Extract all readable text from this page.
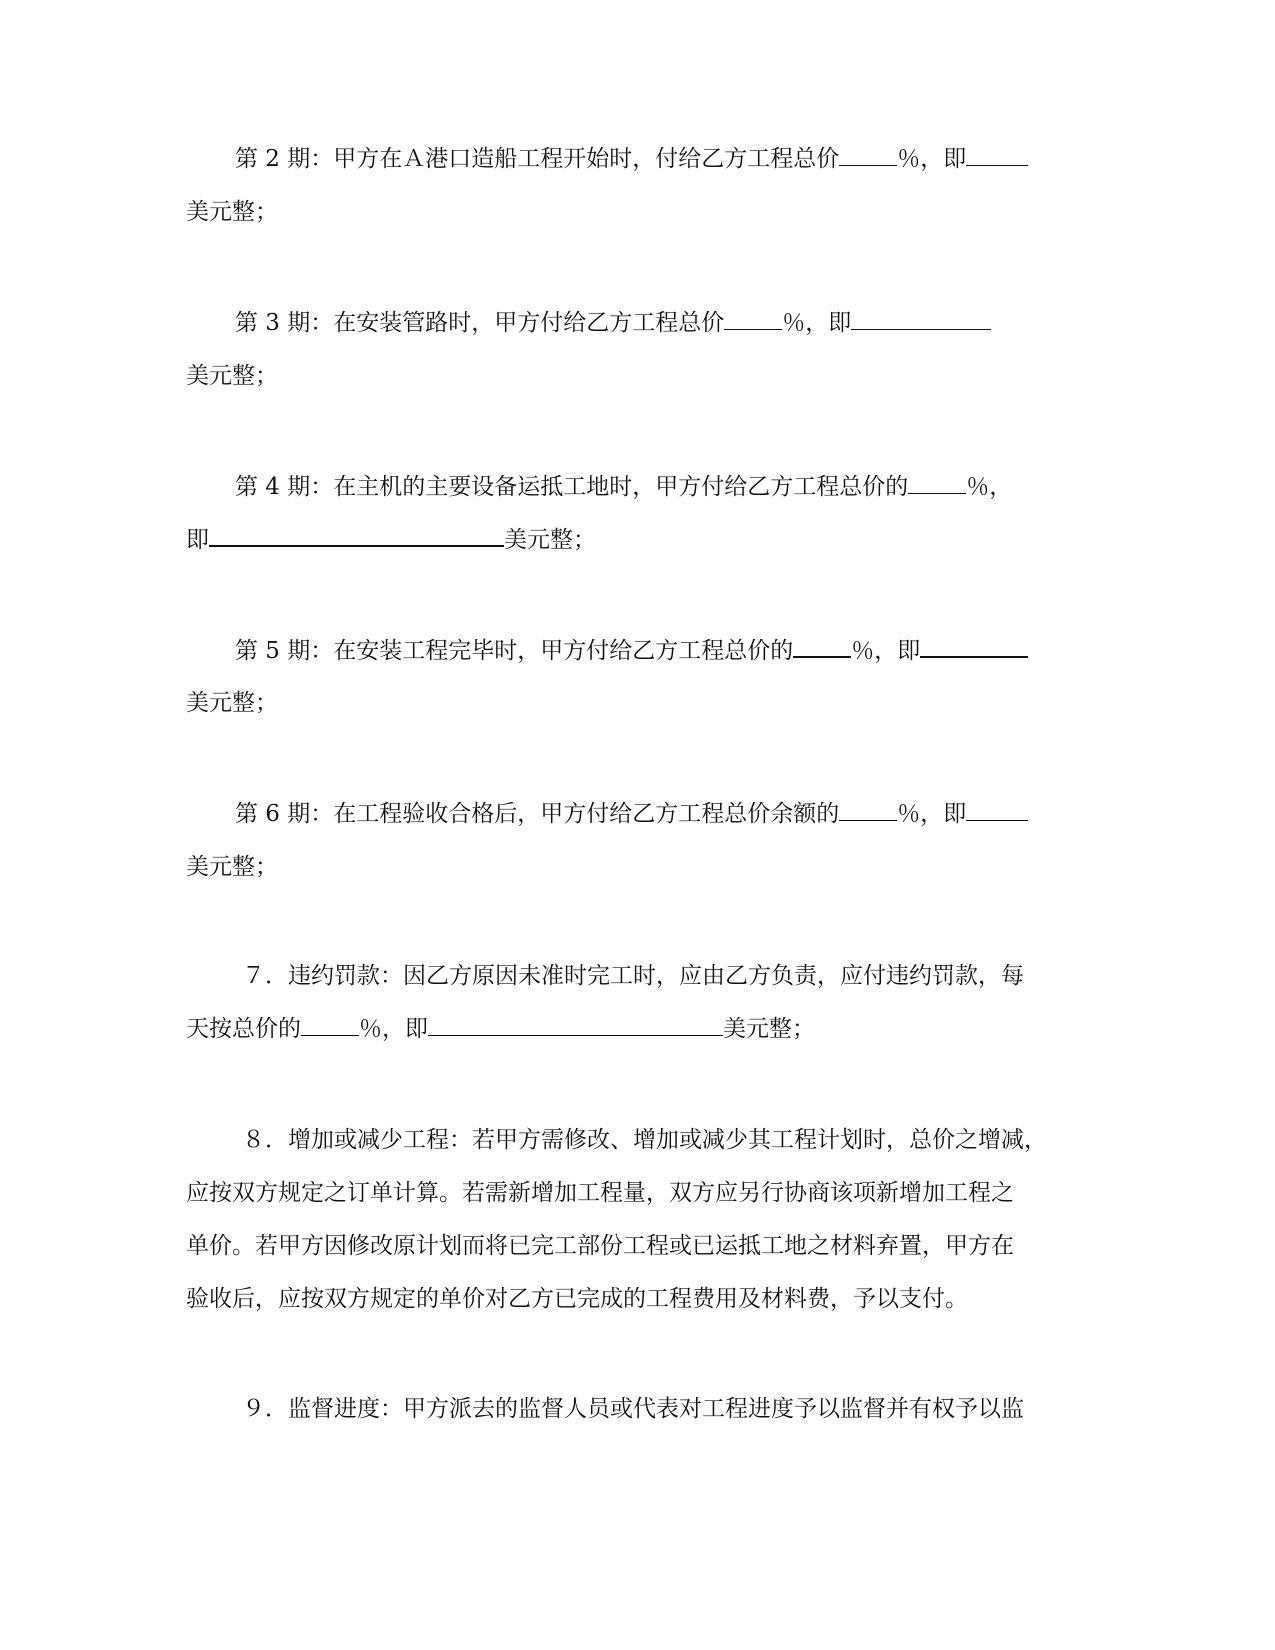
第 2 期：甲方在Ａ港口造船工程开始时，付给乙方工程总价	％，即
美元整；
第 3 期：在安装管路时，甲方付给乙方工程总价	％，即
美元整；
第 4 期：在主机的主要设备运抵工地时，甲方付给乙方工程总价的	％，
即	美元整；
第 5 期：在安装工程完毕时，甲方付给乙方工程总价的	％，即
美元整；
第 6 期：在工程验收合格后，甲方付给乙方工程总价余额的	％，即
美元整；
７．违约罚款：因乙方原因未准时完工时，应由乙方负责，应付违约罚款，每
天按总价的	％，即	美元整；
８．增加或减少工程：若甲方需修改、增加或减少其工程计划时，总价之增减，
应按双方规定之订单计算。若需新增加工程量，双方应另行协商该项新增加工程之
单价。若甲方因修改原计划而将已完工部份工程或已运抵工地之材料弃置，甲方在
验收后，应按双方规定的单价对乙方已完成的工程费用及材料费，予以支付。
９．监督进度：甲方派去的监督人员或代表对工程进度予以监督并有权予以监
